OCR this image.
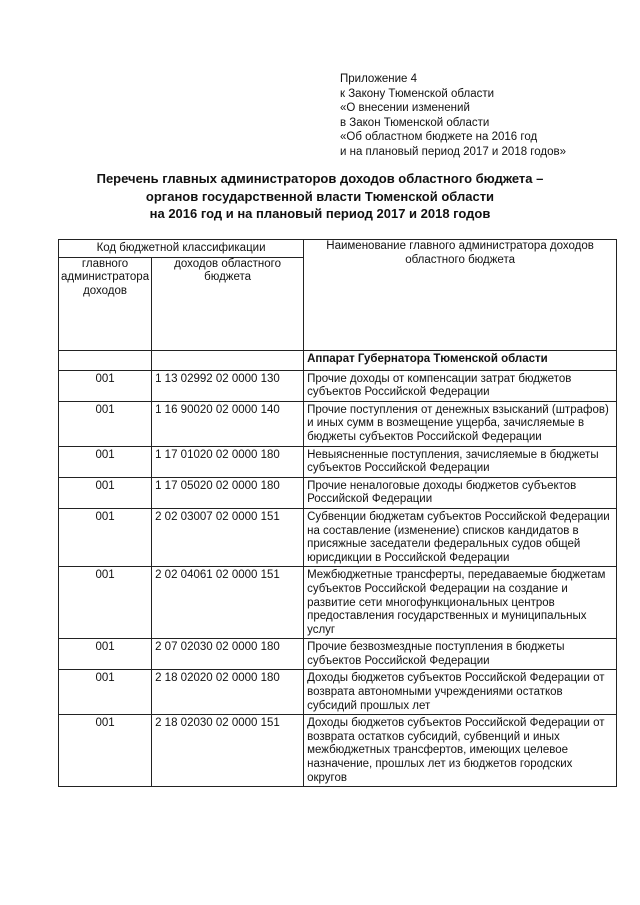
Приложение 4
к Закону Тюменской области
«О внесении изменений
в Закон Тюменской области
«Об областном бюджете на 2016 год
и на плановый период 2017 и 2018 годов»
Перечень главных администраторов доходов областного бюджета –
органов государственной власти Тюменской области
на 2016 год и на плановый период 2017 и 2018 годов
Код бюджетной классификации		Наименование главного администратора доходов областного бюджета
главного администратора доходов	доходов областного бюджета	
		Аппарат Губернатора Тюменской области
001	1 13 02992 02 0000 130	Прочие доходы от компенсации затрат бюджетов субъектов Российской Федерации
001	1 16 90020 02 0000 140	Прочие поступления от денежных взысканий (штрафов) и иных сумм в возмещение ущерба, зачисляемые в бюджеты субъектов Российской Федерации
001	1 17 01020 02 0000 180	Невыясненные поступления, зачисляемые в бюджеты субъектов Российской Федерации
001	1 17 05020 02 0000 180	Прочие неналоговые доходы бюджетов субъектов Российской Федерации
001	2 02 03007 02 0000 151	Субвенции бюджетам субъектов Российской Федерации на составление (изменение) списков кандидатов в присяжные заседатели федеральных судов общей юрисдикции в Российской Федерации
001	2 02 04061 02 0000 151	Межбюджетные трансферты, передаваемые бюджетам субъектов Российской Федерации на создание и развитие сети многофункциональных центров предоставления государственных и муниципальных услуг
001	2 07 02030 02 0000 180	Прочие безвозмездные поступления в бюджеты субъектов Российской Федерации
001	2 18 02020 02 0000 180	Доходы бюджетов субъектов Российской Федерации от возврата автономными учреждениями остатков субсидий прошлых лет
001	2 18 02030 02 0000 151	Доходы бюджетов субъектов Российской Федерации от возврата остатков субсидий, субвенций и иных межбюджетных трансфертов, имеющих целевое назначение, прошлых лет из бюджетов городских округов
